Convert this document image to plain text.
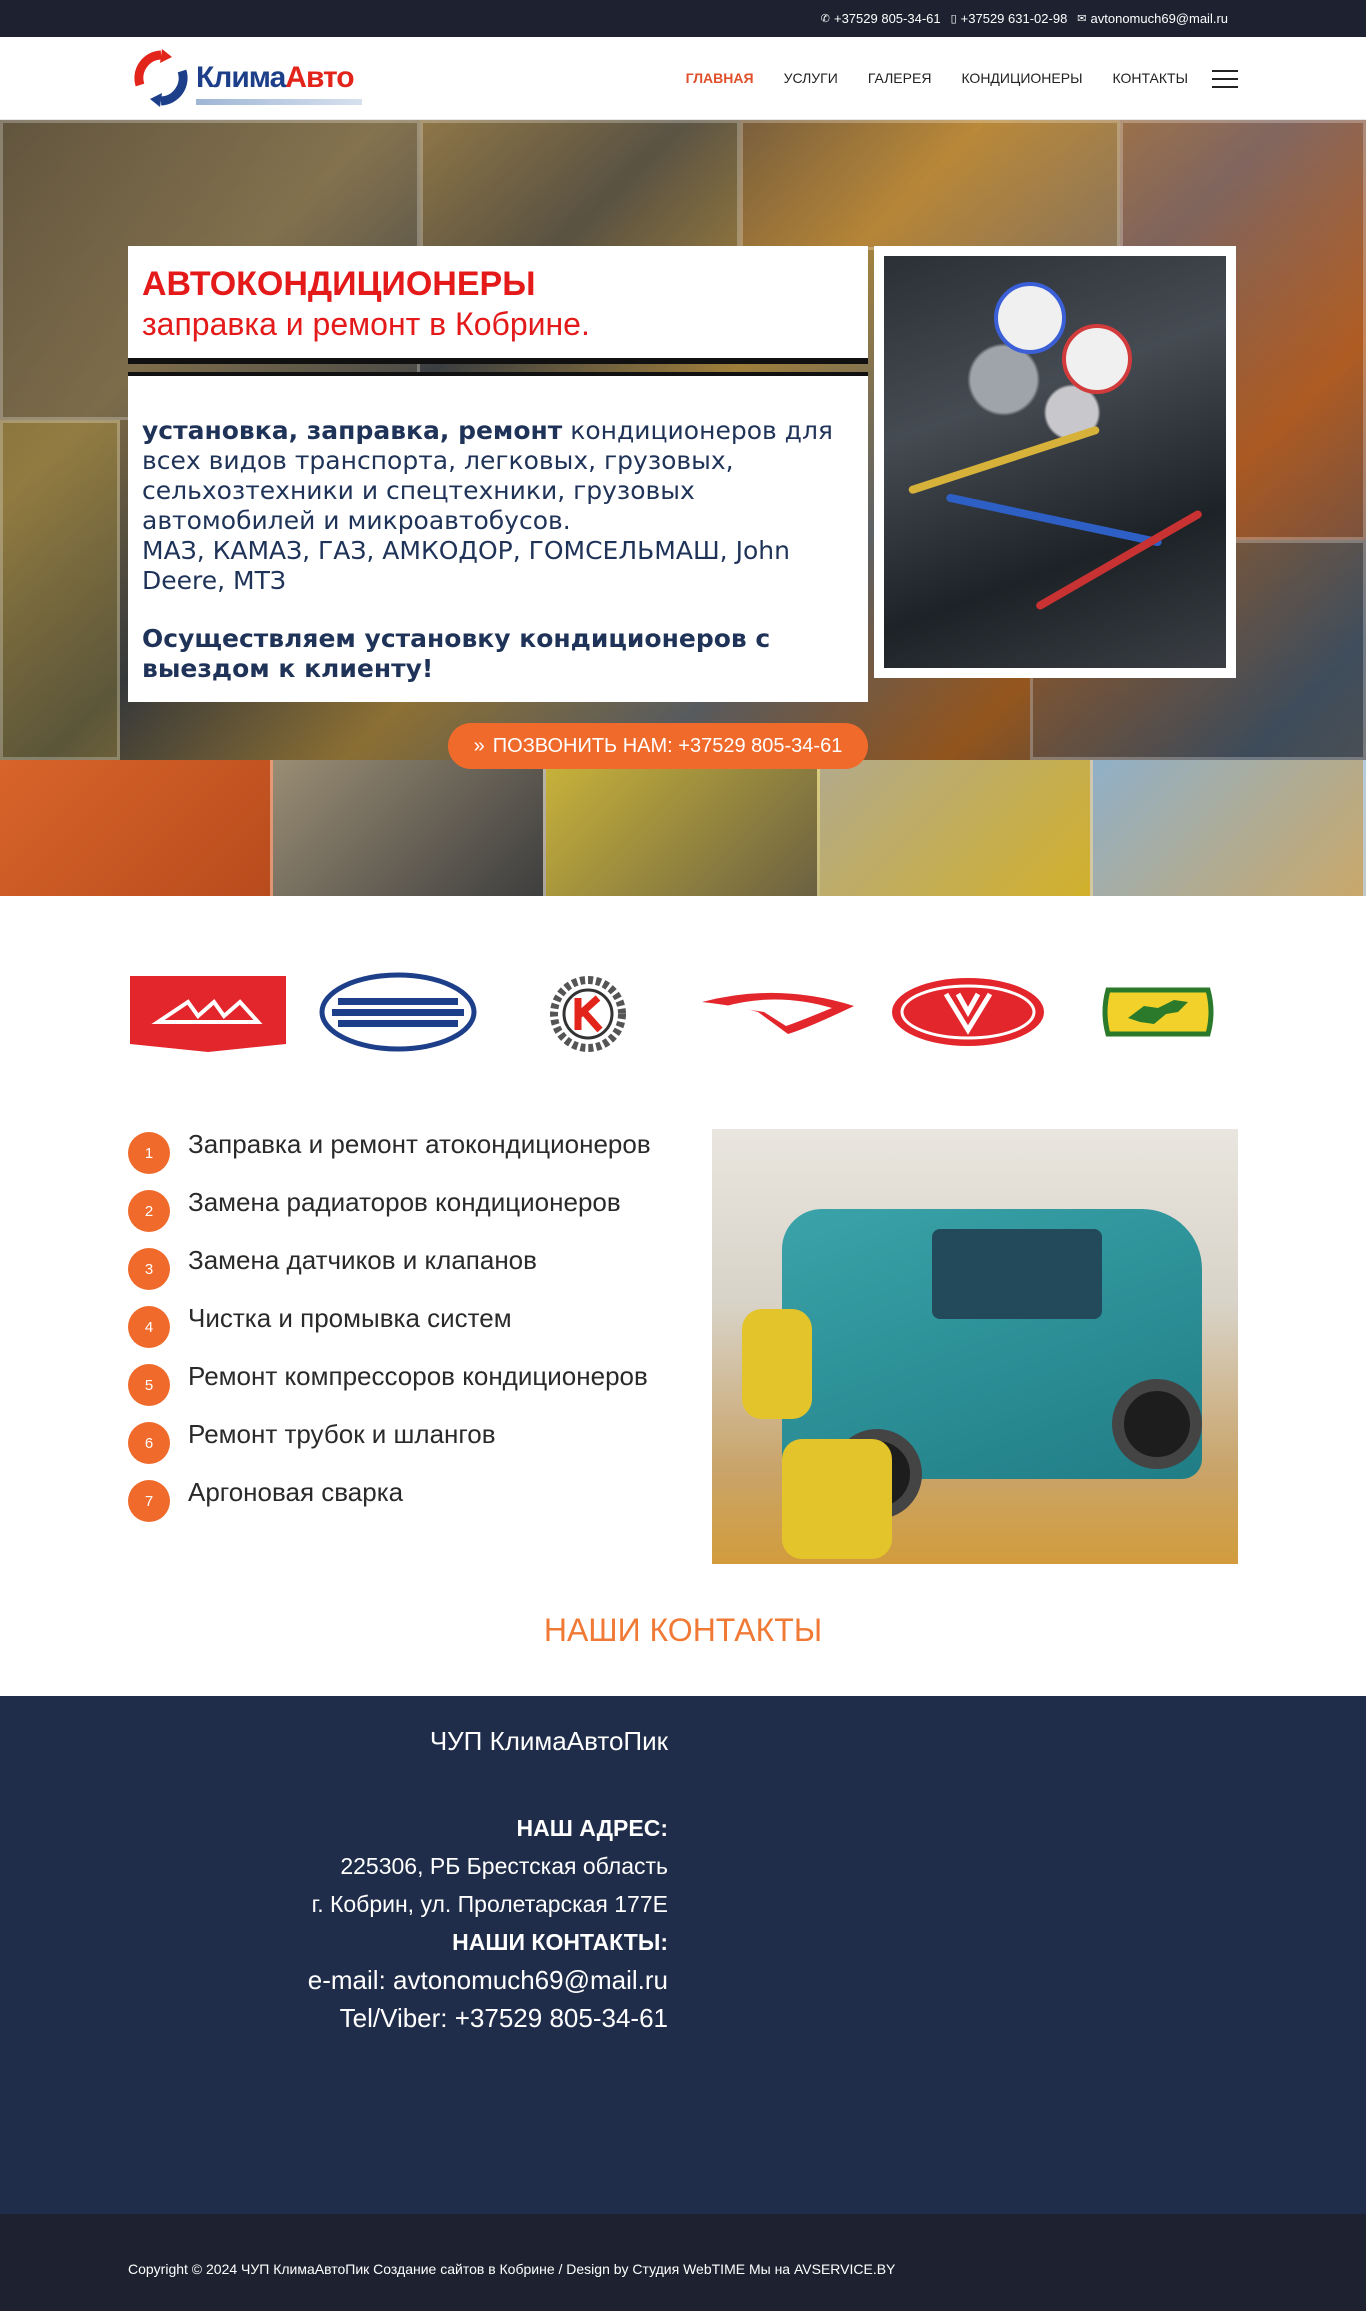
✆ +37529 805-34-61 ▯ +37529 631-02-98 ✉ avtonomuch69@mail.ru
КлимаАвто	ГЛАВНАЯ УСЛУГИ ГАЛЕРЕЯ КОНДИЦИОНЕРЫ КОНТАКТЫ
АВТОКОНДИЦИОНЕРЫ
заправка и ремонт в Кобрине.

установка, заправка, ремонт кондиционеров для всех видов транспорта, легковых, грузовых, сельхозтехники и спецтехники, грузовых автомобилей и микроавтобусов.

МАЗ, КАМАЗ, ГАЗ, АМКОДОР, ГОМСЕЛЬМАШ, John Deere, МТЗ

Осуществляем установку кондиционеров с выездом к клиенту!

» ПОЗВОНИТЬ НАМ: +37529 805-34-61
1	Заправка и ремонт атокондиционеров
2	Замена радиаторов кондиционеров
3	Замена датчиков и клапанов
4	Чистка и промывка систем
5	Ремонт компрессоров кондиционеров
6	Ремонт трубок и шлангов
7	Аргоновая сварка
НАШИ КОНТАКТЫ
ЧУП КлимаАвтоПик
НАШ АДРЕС:
225306, РБ Брестская область
г. Кобрин, ул. Пролетарская 177Е
НАШИ КОНТАКТЫ:
e-mail: avtonomuch69@mail.ru
Tel/Viber: +37529 805-34-61
Copyright © 2024 ЧУП КлимаАвтоПик Создание сайтов в Кобрине / Design by Студия WebTIME Мы на AVSERVICE.BY
